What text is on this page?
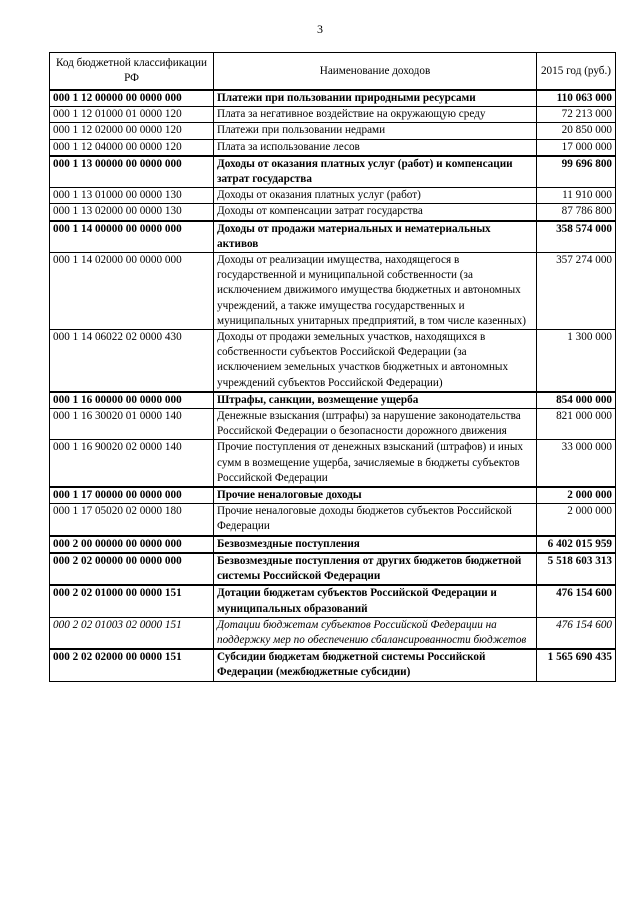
3
Код бюджетной классификации РФ	Наименование доходов	2015 год (руб.)
000 1 12 00000 00 0000 000	Платежи при пользовании природными ресурсами	110 063 000
000 1 12 01000 01 0000 120	Плата за негативное воздействие на окружающую среду	72 213 000
000 1 12 02000 00 0000 120	Платежи при пользовании недрами	20 850 000
000 1 12 04000 00 0000 120	Плата за использование лесов	17 000 000
000 1 13 00000 00 0000 000	Доходы от оказания платных услуг (работ) и компенсации затрат государства	99 696 800
000 1 13 01000 00 0000 130	Доходы от оказания платных услуг (работ)	11 910 000
000 1 13 02000 00 0000 130	Доходы от компенсации затрат государства	87 786 800
000 1 14 00000 00 0000 000	Доходы от продажи материальных и нематериальных активов	358 574 000
000 1 14 02000 00 0000 000	Доходы от реализации имущества, находящегося в государственной и муниципальной собственности (за исключением движимого имущества бюджетных и автономных учреждений, а также имущества государственных и муниципальных унитарных предприятий, в том числе казенных)	357 274 000
000 1 14 06022 02 0000 430	Доходы от продажи земельных участков, находящихся в собственности субъектов Российской Федерации (за исключением земельных участков бюджетных и автономных учреждений субъектов Российской Федерации)	1 300 000
000 1 16 00000 00 0000 000	Штрафы, санкции, возмещение ущерба	854 000 000
000 1 16 30020 01 0000 140	Денежные взыскания (штрафы) за нарушение законодательства Российской Федерации о безопасности дорожного движения	821 000 000
000 1 16 90020 02 0000 140	Прочие поступления от денежных взысканий (штрафов) и иных сумм в возмещение ущерба, зачисляемые в бюджеты субъектов Российской Федерации	33 000 000
000 1 17 00000 00 0000 000	Прочие неналоговые доходы	2 000 000
000 1 17 05020 02 0000 180	Прочие неналоговые доходы бюджетов субъектов Российской Федерации	2 000 000
000 2 00 00000 00 0000 000	Безвозмездные поступления	6 402 015 959
000 2 02 00000 00 0000 000	Безвозмездные поступления от других бюджетов бюджетной системы Российской Федерации	5 518 603 313
000 2 02 01000 00 0000 151	Дотации бюджетам субъектов Российской Федерации и муниципальных образований	476 154 600
000 2 02 01003 02 0000 151	Дотации бюджетам субъектов Российской Федерации на поддержку мер по обеспечению сбалансированности бюджетов	476 154 600
000 2 02 02000 00 0000 151	Субсидии бюджетам бюджетной системы Российской Федерации (межбюджетные субсидии)	1 565 690 435
